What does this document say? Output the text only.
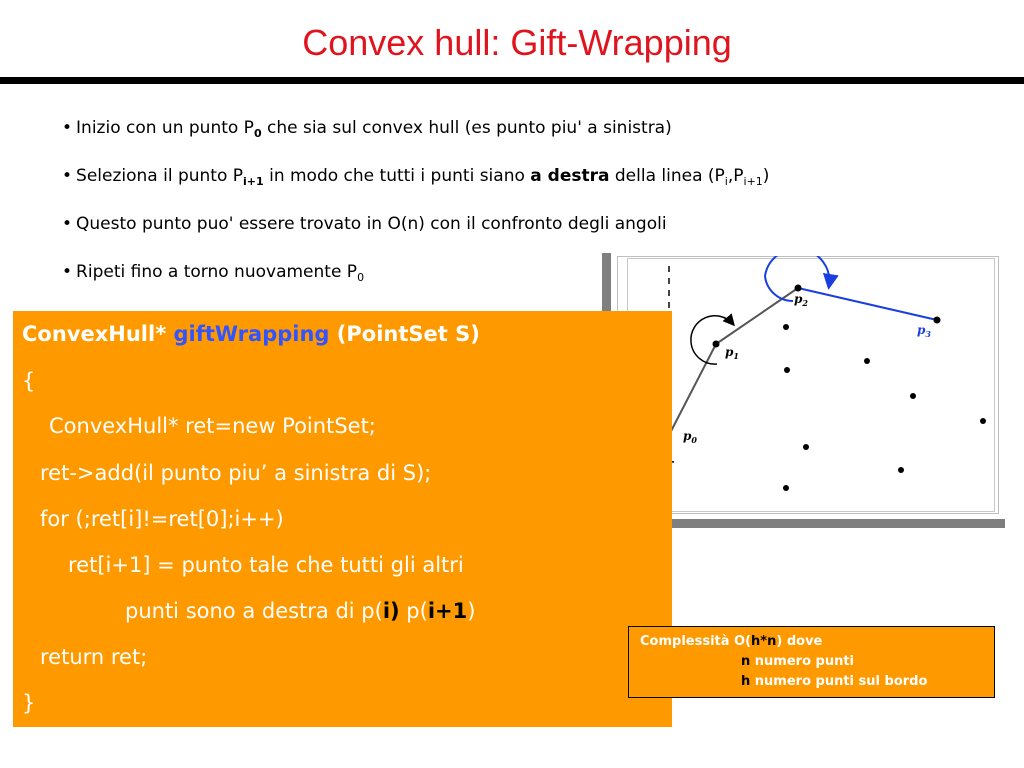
Convex hull: Gift-Wrapping
• Inizio con un punto $P_0$ che sia sul convex hull (es punto piu' a sinistra)
• Seleziona il punto $P_{i+1}$ in modo che tutti i punti siano a destra della linea $(P_i,P_{i+1})$
• Questo punto puo' essere trovato in O(n) con il confronto degli angoli
• Ripeti fino a torno nuovamente $P_0$
$p_0$
$p_1$
$p_2$
$p_3$
ConvexHull* giftWrapping (PointSet S)
{
ConvexHull* ret=new PointSet;
ret->add(il punto piu’ a sinistra di S);
for (;ret[i]!=ret[0];i++)
ret[i+1] = punto tale che tutti gli altri
punti sono a destra di p(i) p(i+1)
return ret;
}
Complessità O(h*n) dove
n numero punti
h numero punti sul bordo
